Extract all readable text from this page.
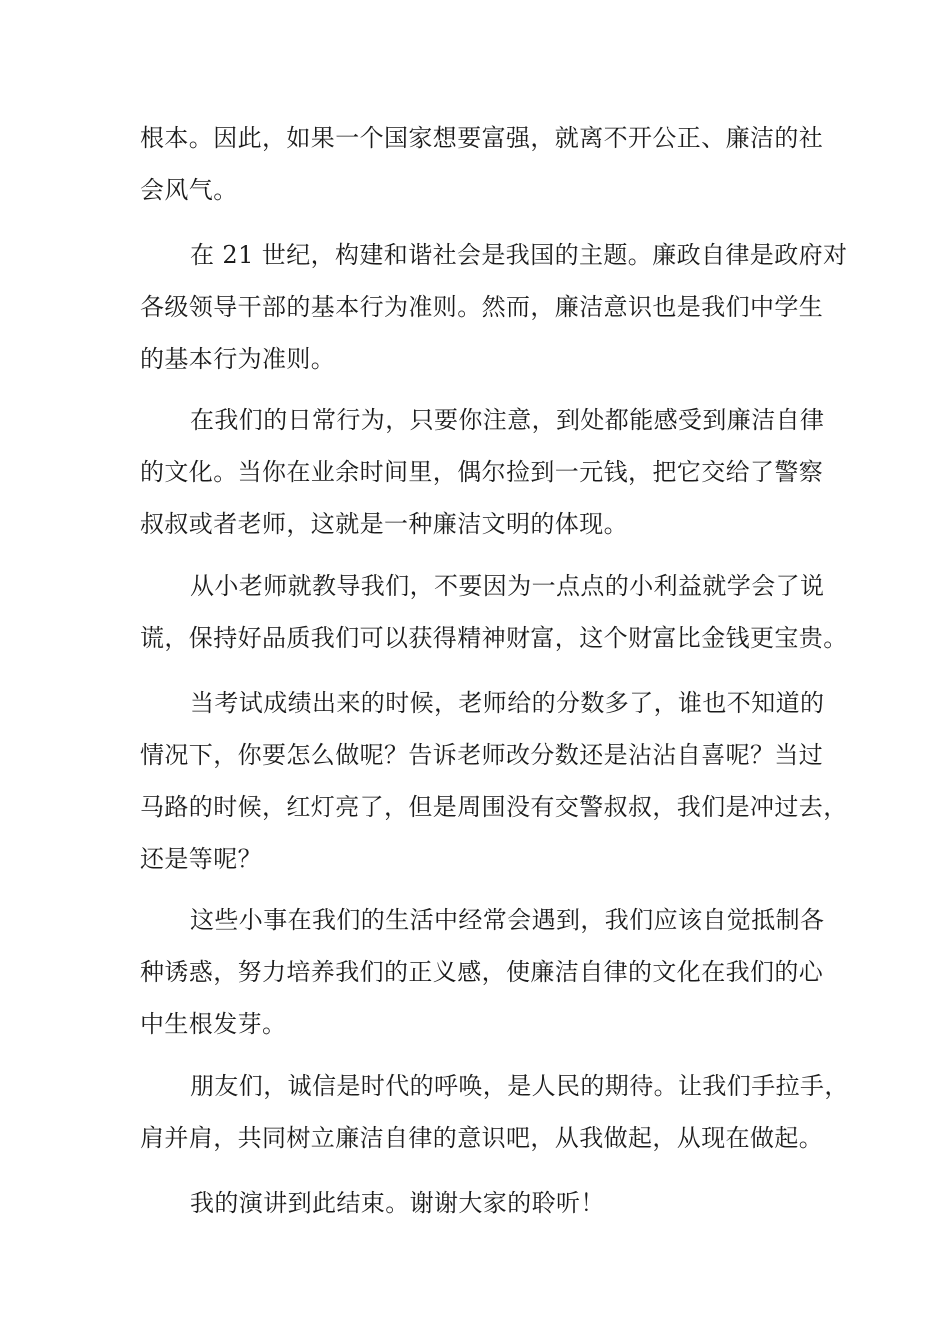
根本。因此，如果一个国家想要富强，就离不开公正、廉洁的社
会风气。
在 21 世纪，构建和谐社会是我国的主题。廉政自律是政府对
各级领导干部的基本行为准则。然而，廉洁意识也是我们中学生
的基本行为准则。
在我们的日常行为，只要你注意，到处都能感受到廉洁自律
的文化。当你在业余时间里，偶尔捡到一元钱，把它交给了警察
叔叔或者老师，这就是一种廉洁文明的体现。
从小老师就教导我们，不要因为一点点的小利益就学会了说
谎，保持好品质我们可以获得精神财富，这个财富比金钱更宝贵。
当考试成绩出来的时候，老师给的分数多了，谁也不知道的
情况下，你要怎么做呢？告诉老师改分数还是沾沾自喜呢？当过
马路的时候，红灯亮了，但是周围没有交警叔叔，我们是冲过去，
还是等呢？
这些小事在我们的生活中经常会遇到，我们应该自觉抵制各
种诱惑，努力培养我们的正义感，使廉洁自律的文化在我们的心
中生根发芽。
朋友们，诚信是时代的呼唤，是人民的期待。让我们手拉手，
肩并肩，共同树立廉洁自律的意识吧，从我做起，从现在做起。
我的演讲到此结束。谢谢大家的聆听！
